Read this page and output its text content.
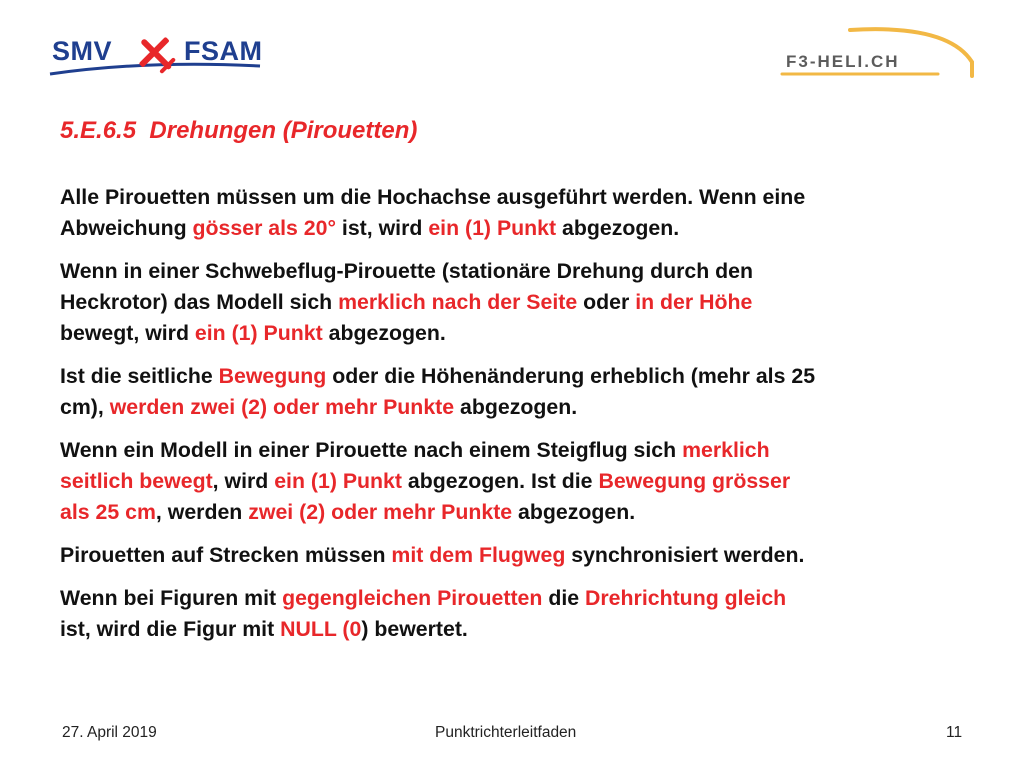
SMV	FSAM	F3-HELI.CH
5.E.6.5  Drehungen (Pirouetten)
Alle Pirouetten müssen um die Hochachse ausgeführt werden. Wenn eine
Abweichung gösser als 20° ist, wird ein (1) Punkt abgezogen.
Wenn in einer Schwebeflug-Pirouette (stationäre Drehung durch den
Heckrotor) das Modell sich merklich nach der Seite oder in der Höhe
bewegt, wird ein (1) Punkt abgezogen.
Ist die seitliche Bewegung oder die Höhenänderung erheblich (mehr als 25
cm), werden zwei (2) oder mehr Punkte abgezogen.
Wenn ein Modell in einer Pirouette nach einem Steigflug sich merklich
seitlich bewegt, wird ein (1) Punkt abgezogen. Ist die Bewegung grösser
als 25 cm, werden zwei (2) oder mehr Punkte abgezogen.
Pirouetten auf Strecken müssen mit dem Flugweg synchronisiert werden.
Wenn bei Figuren mit gegengleichen Pirouetten die Drehrichtung gleich
ist, wird die Figur mit NULL (0) bewertet.
27. April 2019	Punktrichterleitfaden	11
